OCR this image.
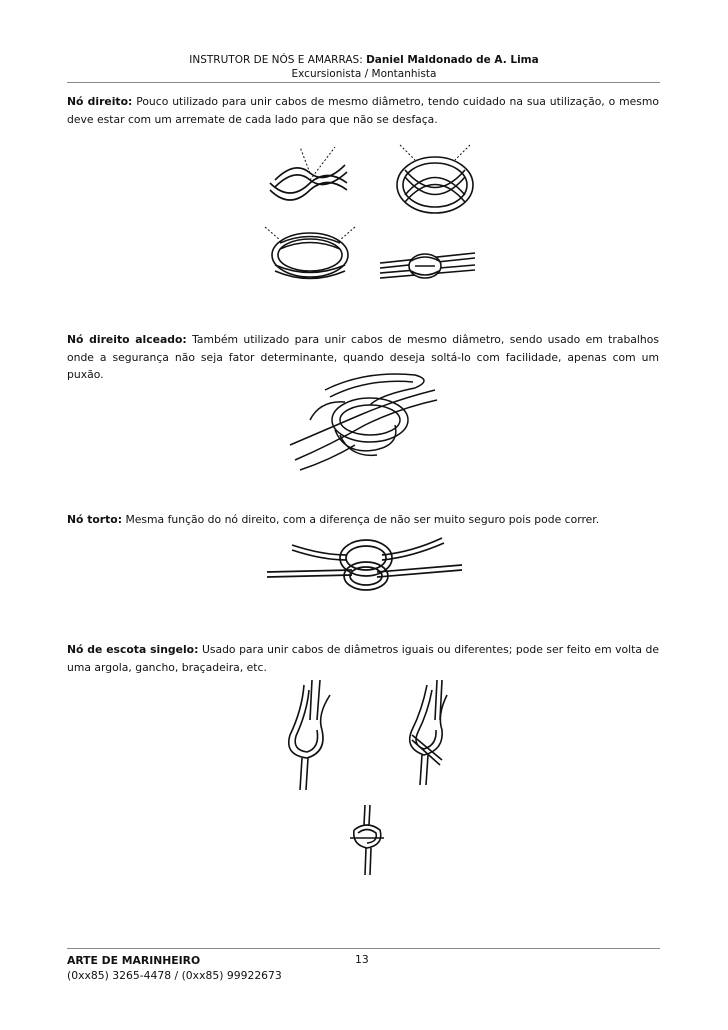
INSTRUTOR DE NÓS E AMARRAS: Daniel Maldonado de A. Lima
Excursionista / Montanhista
Nó direito: Pouco utilizado para unir cabos de mesmo diâmetro, tendo cuidado na sua utilização, o mesmo deve estar com um arremate de cada lado para que não se desfaça.
Nó direito alceado: Também utilizado para unir cabos de mesmo diâmetro, sendo usado em trabalhos onde a segurança não seja fator determinante, quando deseja soltá-lo com facilidade, apenas com um puxão.
Nó torto: Mesma função do nó direito, com a diferença de não ser muito seguro pois pode correr.
Nó de escota singelo: Usado para unir cabos de diâmetros iguais ou diferentes; pode ser feito em volta de uma argola, gancho, braçadeira, etc.
ARTE DE MARINHEIRO
(0xx85) 3265-4478 / (0xx85) 99922673
13
